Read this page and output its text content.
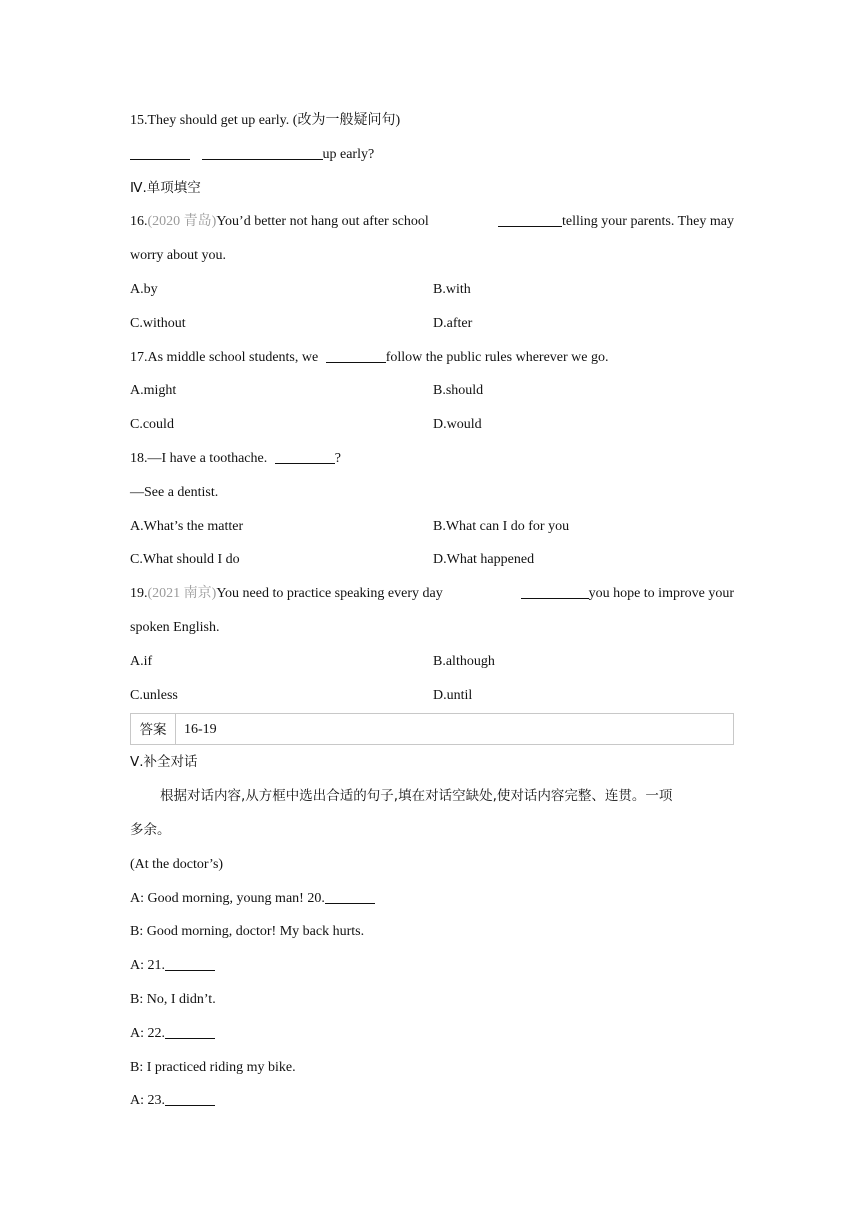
15.They should get up early. (改为一般疑问句)
up early?
Ⅳ.单项填空
16.(2020 青岛)You’d better not hang out after school	telling your parents. They may
worry about you.
A.by	B.with
C.without	D.after
17.As middle school students, we	follow the public rules wherever we go.
A.might	B.should
C.could	D.would
18.—I have a toothache.	?
—See a dentist.
A.What’s the matter	B.What can I do for you
C.What should I do	D.What happened
19.(2021 南京)You need to practice speaking every day	you hope to improve your
spoken English.
A.if	B.although
C.unless	D.until
答案	16-19
Ⅴ.补全对话
根据对话内容,从方框中选出合适的句子,填在对话空缺处,使对话内容完整、连贯。一项
多余。
(At the doctor’s)
A: Good morning, young man! 20.
B: Good morning, doctor! My back hurts.
A: 21.
B: No, I didn’t.
A: 22.
B: I practiced riding my bike.
A: 23.
